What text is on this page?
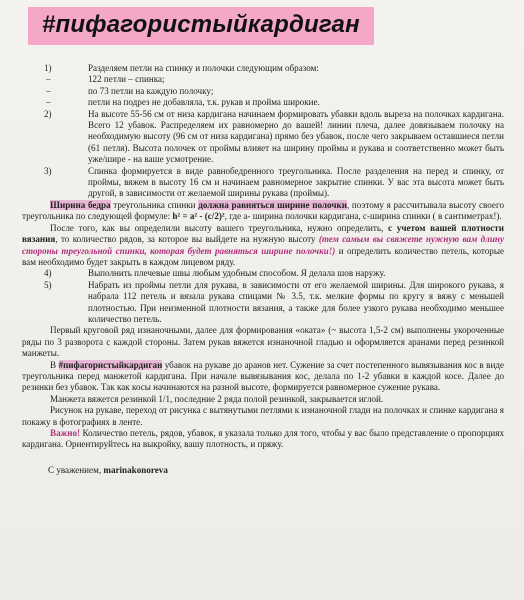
#пифагористыйкардиган
1)	Разделяем петли на спинку и полочки следующим образом:
–	122 петли – спинка;
–	по 73 петли на каждую полочку;
–	петли на подрез не добавляла, т.к. рукав и пройма широкие.
2)	На высоте 55-56 см от низа кардигана начинаем формировать убавки вдоль выреза на полочках кардигана. Всего 12 убавок. Распределяем их равномерно до вашей! линии плеча, далее довязываем полочку на необходимую высоту (96 см от низа кардигана) прямо без убавок, после чего закрываем оставшиеся петли (61 петля). Высота полочек от проймы влияет на ширину проймы и рукава и соответственно может быть уже/шире - на ваше усмотрение.
3)	Спинка формируется в виде равнобедренного треугольника. После разделения на перед и спинку, от проймы, вяжем в высоту 16 см и начинаем равномерное закрытие спинки. У вас эта высота может быть другой, в зависимости от желаемой ширины рукава (проймы).

Ширина бедра треугольника спинки должна равняться ширине полочки, поэтому я рассчитывала высоту своего треугольника по следующей формуле: h² = a² - (c/2)², где a- ширина полочки кардигана, c-ширина спинки ( в сантиметрах!).

После того, как вы определили высоту вашего треугольника, нужно определить, с учетом вашей плотности вязания, то количество рядов, за которое вы выйдете на нужную высоту (тем самым вы свяжете нужную вам длину стороны треугольной спинки, которая будет равняться ширине полочки!) и определить количество петель, которые вам необходимо будет закрыть в каждом лицевом ряду.

4)	Выполнить плечевые швы любым удобным способом. Я делала шов наружу.
5)	Набрать из проймы петли для рукава, в зависимости от его желаемой ширины. Для широкого рукава, я набрала 112 петель и вязала рукава спицами № 3.5, т.к. мелкие формы по кругу я вяжу с меньшей плотностью. При неизменной плотности вязания, а также для более узкого рукава необходимо меньшее количество петель.

Первый круговой ряд изнаночными, далее для формирования «оката» (~ высота 1,5-2 см) выполнены укороченные ряды по 3 разворота с каждой стороны. Затем рукав вяжется изнаночной гладью и оформляется аранами перед резинкой манжеты.

В #пифагористыйкардиган убавок на рукаве до аранов нет. Сужение за счет постепенного вывязывания кос в виде треугольника перед манжетой кардигана. При начале вывязывания кос, делала по 1-2 убавки в каждой косе. Далее до резинки без убавок. Так как косы начинаются на разной высоте, формируется равномерное сужение рукава.

Манжета вяжется резинкой 1/1, последние 2 ряда полой резинкой, закрывается иглой.

Рисунок на рукаве, переход от рисунка с вытянутыми петлями к изнаночной глади на полочках и спинке кардигана я покажу в фотографиях в ленте.

Важно! Количество петель, рядов, убавок, я указала только для того, чтобы у вас было представление о пропорциях кардигана. Ориентируйтесь на выкройку, вашу плотность, и пряжу.

С уважением, marinakonoreva
